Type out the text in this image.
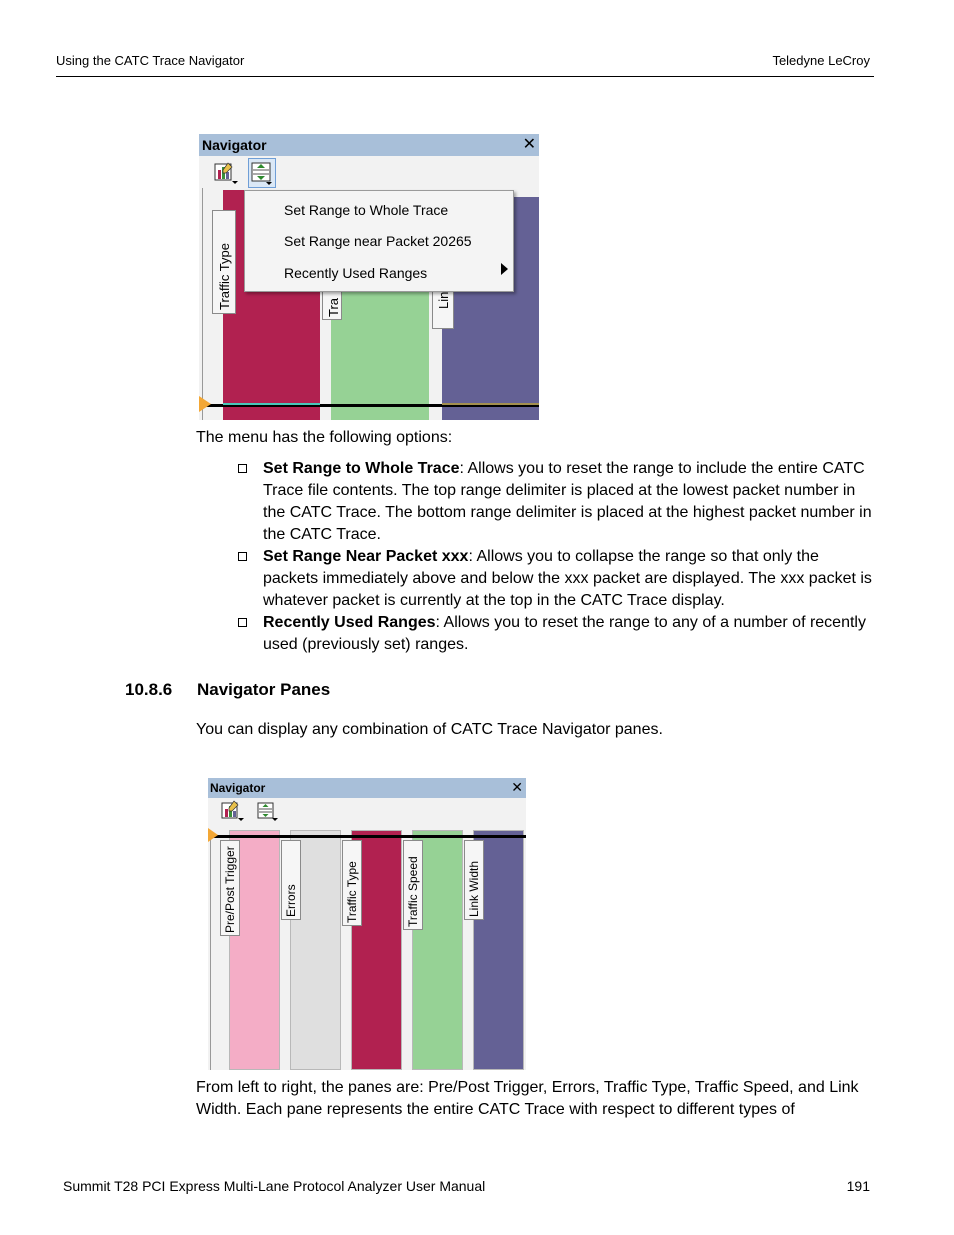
Using the CATC Trace Navigator	Teledyne LeCroy
Navigator	✕
Traffic Type	Tra	Lin
Set Range to Whole Trace
Set Range near Packet 20265
Recently Used Ranges
The menu has the following options:
Set Range to Whole Trace: Allows you to reset the range to include the entire CATC Trace file contents. The top range delimiter is placed at the lowest packet number in the CATC Trace. The bottom range delimiter is placed at the highest packet number in the CATC Trace.
Set Range Near Packet xxx: Allows you to collapse the range so that only the packets immediately above and below the xxx packet are displayed. The xxx packet is whatever packet is currently at the top in the CATC Trace display.
Recently Used Ranges: Allows you to reset the range to any of a number of recently used (previously set) ranges.
10.8.6 Navigator Panes
You can display any combination of CATC Trace Navigator panes.
Navigator	✕
Pre/Post Trigger	Errors	Traffic Type	Traffic Speed	Link Width
From left to right, the panes are: Pre/Post Trigger, Errors, Traffic Type, Traffic Speed, and Link Width. Each pane represents the entire CATC Trace with respect to different types of
Summit T28 PCI Express Multi-Lane Protocol Analyzer User Manual	191
